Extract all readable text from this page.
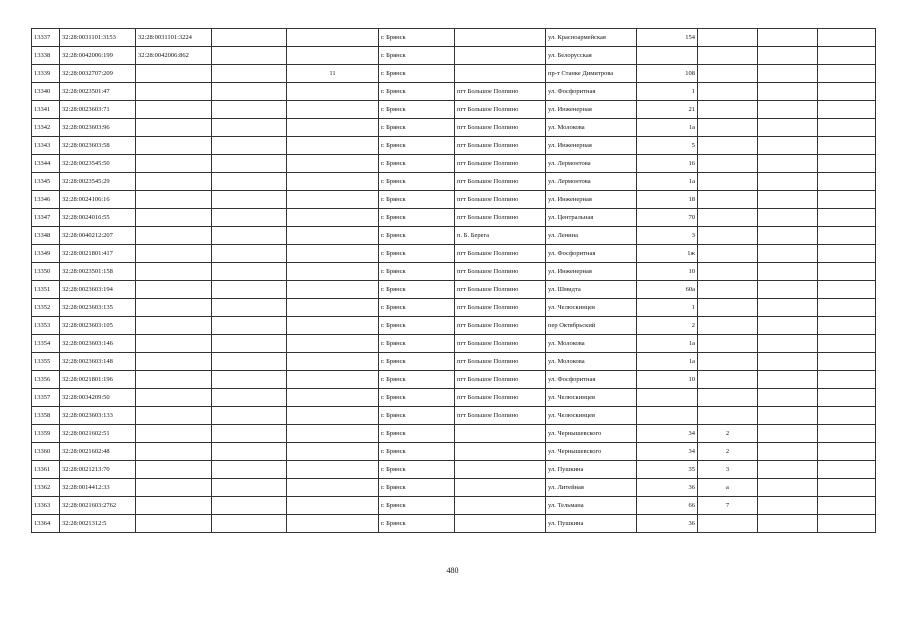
13337	32:28:0031101:3153	32:28:0031101:3224			г. Брянск		ул. Красноармейская	154			
13338	32:28:0042006:199	32:28:0042006:862			г. Брянск		ул. Белорусская				
13339	32:28:0032707:209			11	г. Брянск		пр-т Станке Димитрова	108			
13340	32:28:0023501:47				г. Брянск	пгт Большое Полпино	ул. Фосфоритная	1			
13341	32:28:0023603:71				г. Брянск	пгт Большое Полпино	ул. Инженерная	21			
13342	32:28:0023603:96				г. Брянск	пгт Большое Полпино	ул. Молокова	1а			
13343	32:28:0023603:58				г. Брянск	пгт Большое Полпино	ул. Инженерная	5			
13344	32:28:0023545:50				г. Брянск	пгт Большое Полпино	ул. Лермонтова	16			
13345	32:28:0023545:29				г. Брянск	пгт Большое Полпино	ул. Лермонтова	1а			
13346	32:28:0024106:16				г. Брянск	пгт Большое Полпино	ул. Инженерная	18			
13347	32:28:0024016:55				г. Брянск	пгт Большое Полпино	ул. Центральная	70			
13348	32:28:0040212:207				г. Брянск	п. Б. Берега	ул. Ленина	3			
13349	32:28:0021801:417				г. Брянск	пгт Большое Полпино	ул. Фосфоритная	1ж			
13350	32:28:0023501:158				г. Брянск	пгт Большое Полпино	ул. Инженерная	10			
13351	32:28:0023603:194				г. Брянск	пгт Большое Полпино	ул. Шмидта	60а			
13352	32:28:0023603:135				г. Брянск	пгт Большое Полпино	ул. Челюскинцев	1			
13353	32:28:0023603:105				г. Брянск	пгт Большое Полпино	пер Октябрьский	2			
13354	32:28:0023603:146				г. Брянск	пгт Большое Полпино	ул. Молокова	1а			
13355	32:28:0023603:148				г. Брянск	пгт Большое Полпино	ул. Молокова	1а			
13356	32:28:0021801:196				г. Брянск	пгт Большое Полпино	ул. Фосфоритная	10			
13357	32:28:0034209:50				г. Брянск	пгт Большое Полпино	ул. Челюскинцев				
13358	32:28:0023603:133				г. Брянск	пгт Большое Полпино	ул. Челюскинцев				
13359	32:28:0021602:51				г. Брянск		ул. Чернышевского	34	2		
13360	32:28:0021602:48				г. Брянск		ул. Чернышевского	34	2		
13361	32:28:0021213:70				г. Брянск		ул. Пушкина	35	3		
13362	32:28:0014412:33				г. Брянск		ул. Литейная	36	а		
13363	32:28:0021603:2762				г. Брянск		ул. Тельмана	66	7		
13364	32:28:0021312:5				г. Брянск		ул. Пушкина	36			
480
